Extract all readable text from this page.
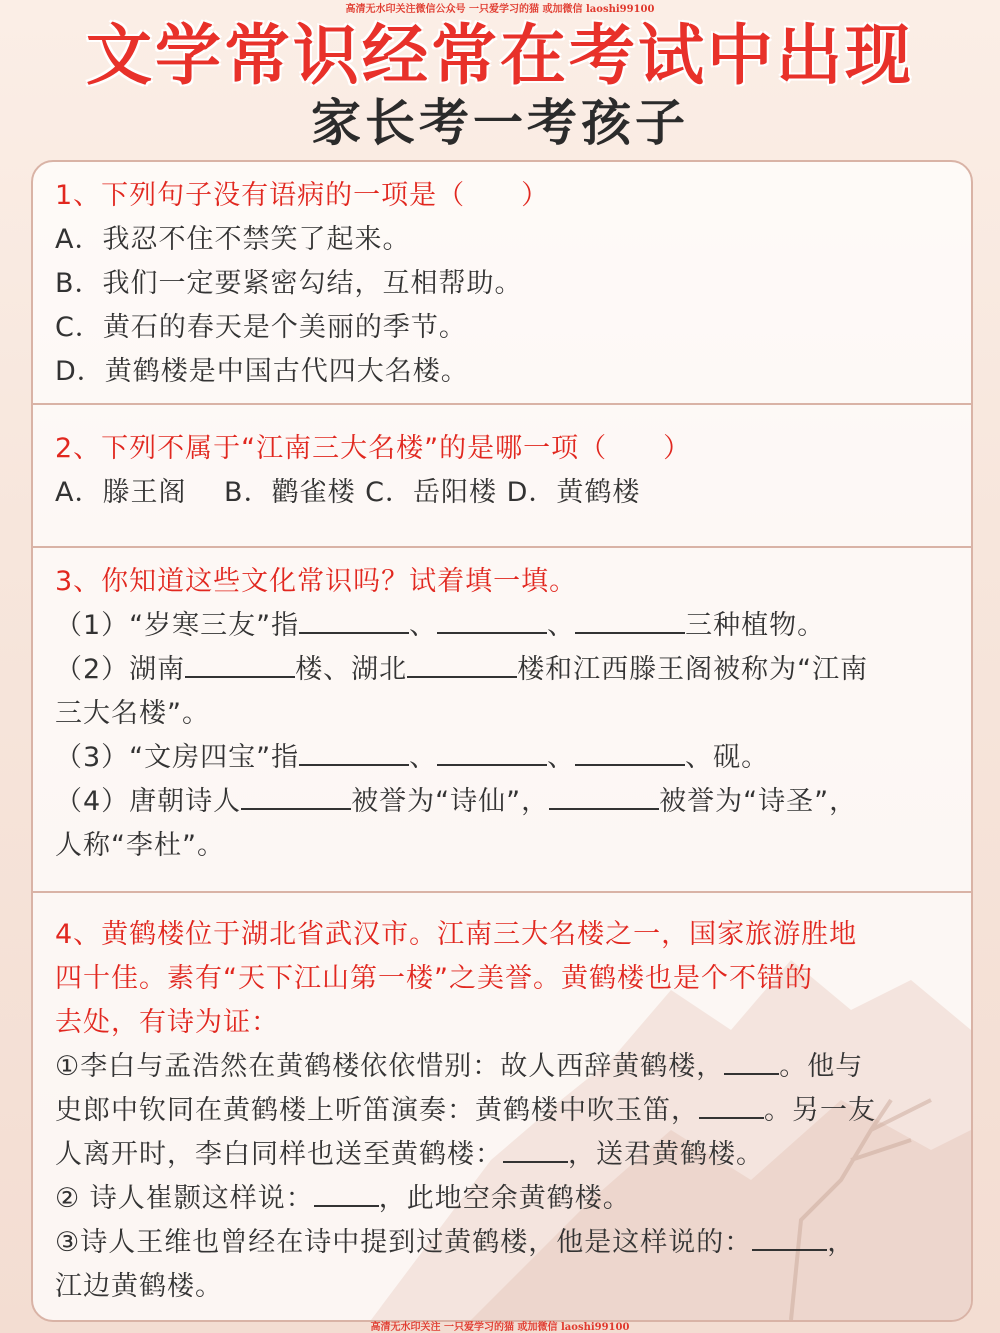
高清无水印关注微信公众号 一只爱学习的猫 或加微信 laoshi99100
文学常识经常在考试中出现
家长考一考孩子
1、下列句子没有语病的一项是（　　）
A．我忍不住不禁笑了起来。
B．我们一定要紧密勾结，互相帮助。
C．黄石的春天是个美丽的季节。
D．黄鹤楼是中国古代四大名楼。
2、下列不属于“江南三大名楼”的是哪一项（　　）
A．滕王阁　 B．鹳雀楼 C．岳阳楼 D．黄鹤楼
3、你知道这些文化常识吗？试着填一填。
（1）“岁寒三友”指	、	、	三种植物。
（2）湖南	楼、湖北	楼和江西滕王阁被称为“江南
三大名楼”。
（3）“文房四宝”指	、	、	、砚。
（4）唐朝诗人	被誉为“诗仙”，	被誉为“诗圣”，
人称“李杜”。
4、黄鹤楼位于湖北省武汉市。江南三大名楼之一，国家旅游胜地
四十佳。素有“天下江山第一楼”之美誉。黄鹤楼也是个不错的
去处，有诗为证：
①李白与孟浩然在黄鹤楼依依惜别：故人西辞黄鹤楼， 。他与
史郎中钦同在黄鹤楼上听笛演奏：黄鹤楼中吹玉笛， 。另一友
人离开时，李白同样也送至黄鹤楼： ，送君黄鹤楼。
② 诗人崔颢这样说： ，此地空余黄鹤楼。
③诗人王维也曾经在诗中提到过黄鹤楼，他是这样说的：	，
江边黄鹤楼。
高清无水印关注 一只爱学习的猫 或加微信 laoshi99100
